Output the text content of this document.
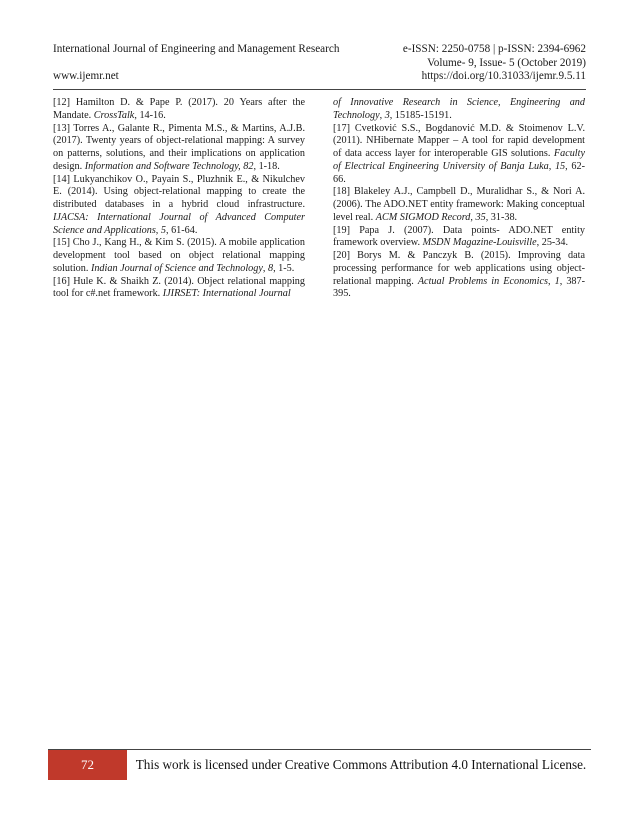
International Journal of Engineering and Management Research	e-ISSN: 2250-0758 | p-ISSN: 2394-6962
Volume- 9, Issue- 5 (October 2019)
www.ijemr.net	https://doi.org/10.31033/ijemr.9.5.11

[12] Hamilton D. & Pape P. (2017). 20 Years after the Mandate. CrossTalk, 14-16.

[13] Torres A., Galante R., Pimenta M.S., & Martins, A.J.B. (2017). Twenty years of object-relational mapping: A survey on patterns, solutions, and their implications on application design. Information and Software Technology, 82, 1-18.

[14] Lukyanchikov O., Payain S., Pluzhnik E., & Nikulchev E. (2014). Using object-relational mapping to create the distributed databases in a hybrid cloud infrastructure. IJACSA: International Journal of Advanced Computer Science and Applications, 5, 61-64.

[15] Cho J., Kang H., & Kim S. (2015). A mobile application development tool based on object relational mapping solution. Indian Journal of Science and Technology, 8, 1-5.

[16] Hule K. & Shaikh Z. (2014). Object relational mapping tool for c#.net framework. IJIRSET: International Journal

of Innovative Research in Science, Engineering and Technology, 3, 15185-15191.

[17] Cvetković S.S., Bogdanović M.D. & Stoimenov L.V. (2011). NHibernate Mapper – A tool for rapid development of data access layer for interoperable GIS solutions. Faculty of Electrical Engineering University of Banja Luka, 15, 62-66.

[18] Blakeley A.J., Campbell D., Muralidhar S., & Nori A. (2006). The ADO.NET entity framework: Making conceptual level real. ACM SIGMOD Record, 35, 31-38.

[19] Papa J. (2007). Data points- ADO.NET entity framework overview. MSDN Magazine-Louisville, 25-34.

[20] Borys M. & Panczyk B. (2015). Improving data processing performance for web applications using object-relational mapping. Actual Problems in Economics, 1, 387-395.

72	This work is licensed under Creative Commons Attribution 4.0 International License.
